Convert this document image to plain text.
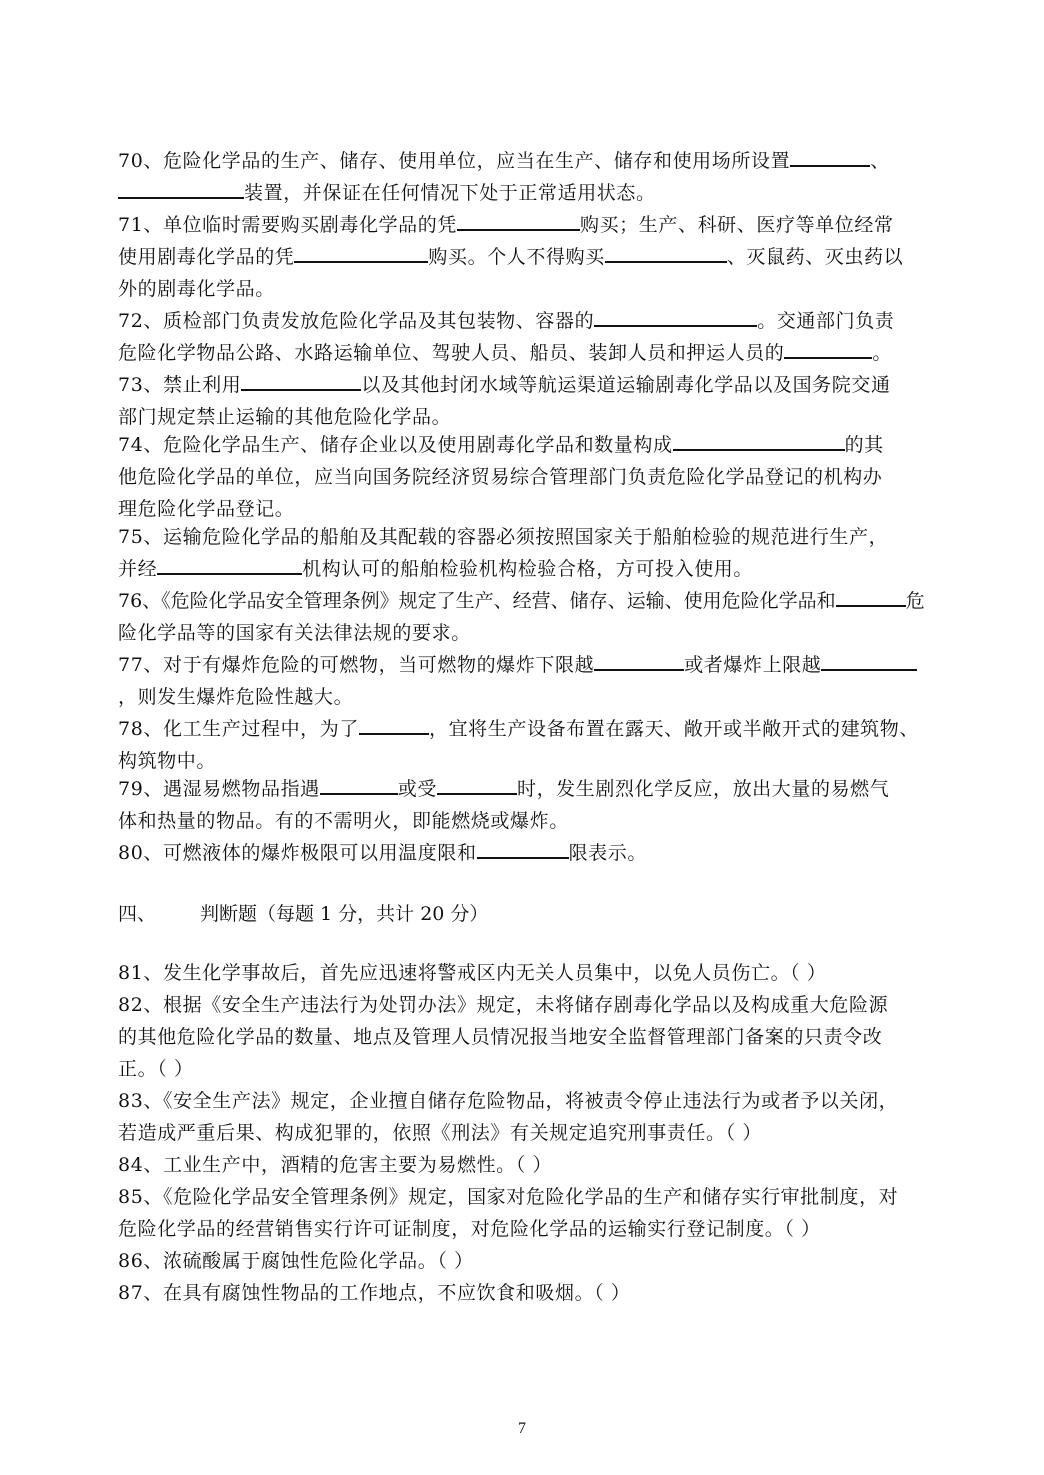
70、危险化学品的生产、储存、使用单位，应当在生产、储存和使用场所设置	、
装置，并保证在任何情况下处于正常适用状态。
71、单位临时需要购买剧毒化学品的凭	购买；生产、科研、医疗等单位经常
使用剧毒化学品的凭	购买。个人不得购买	、灭鼠药、灭虫药以
外的剧毒化学品。
72、质检部门负责发放危险化学品及其包装物、容器的	。交通部门负责
危险化学物品公路、水路运输单位、驾驶人员、船员、装卸人员和押运人员的	。
73、禁止利用	以及其他封闭水域等航运渠道运输剧毒化学品以及国务院交通
部门规定禁止运输的其他危险化学品。
74、危险化学品生产、储存企业以及使用剧毒化学品和数量构成	的其
他危险化学品的单位，应当向国务院经济贸易综合管理部门负责危险化学品登记的机构办
理危险化学品登记。
75、运输危险化学品的船舶及其配载的容器必须按照国家关于船舶检验的规范进行生产，
并经	机构认可的船舶检验机构检验合格，方可投入使用。
76、《危险化学品安全管理条例》规定了生产、经营、储存、运输、使用危险化学品和	危
险化学品等的国家有关法律法规的要求。
77、对于有爆炸危险的可燃物，当可燃物的爆炸下限越	或者爆炸上限越
，则发生爆炸危险性越大。
78、化工生产过程中，为了	，宜将生产设备布置在露天、敞开或半敞开式的建筑物、
构筑物中。
79、遇湿易燃物品指遇	或受	时，发生剧烈化学反应，放出大量的易燃气
体和热量的物品。有的不需明火，即能燃烧或爆炸。
80、可燃液体的爆炸极限可以用温度限和	限表示。
四、 判断题（每题 1 分，共计 20 分）
81、发生化学事故后，首先应迅速将警戒区内无关人员集中，以免人员伤亡。（ ）
82、根据《安全生产违法行为处罚办法》规定，未将储存剧毒化学品以及构成重大危险源
的其他危险化学品的数量、地点及管理人员情况报当地安全监督管理部门备案的只责令改
正。（ ）
83、《安全生产法》规定，企业擅自储存危险物品，将被责令停止违法行为或者予以关闭，
若造成严重后果、构成犯罪的，依照《刑法》有关规定追究刑事责任。（ ）
84、工业生产中，酒精的危害主要为易燃性。（ ）
85、《危险化学品安全管理条例》规定，国家对危险化学品的生产和储存实行审批制度，对
危险化学品的经营销售实行许可证制度，对危险化学品的运输实行登记制度。（ ）
86、浓硫酸属于腐蚀性危险化学品。（ ）
87、在具有腐蚀性物品的工作地点，不应饮食和吸烟。（ ）
7
